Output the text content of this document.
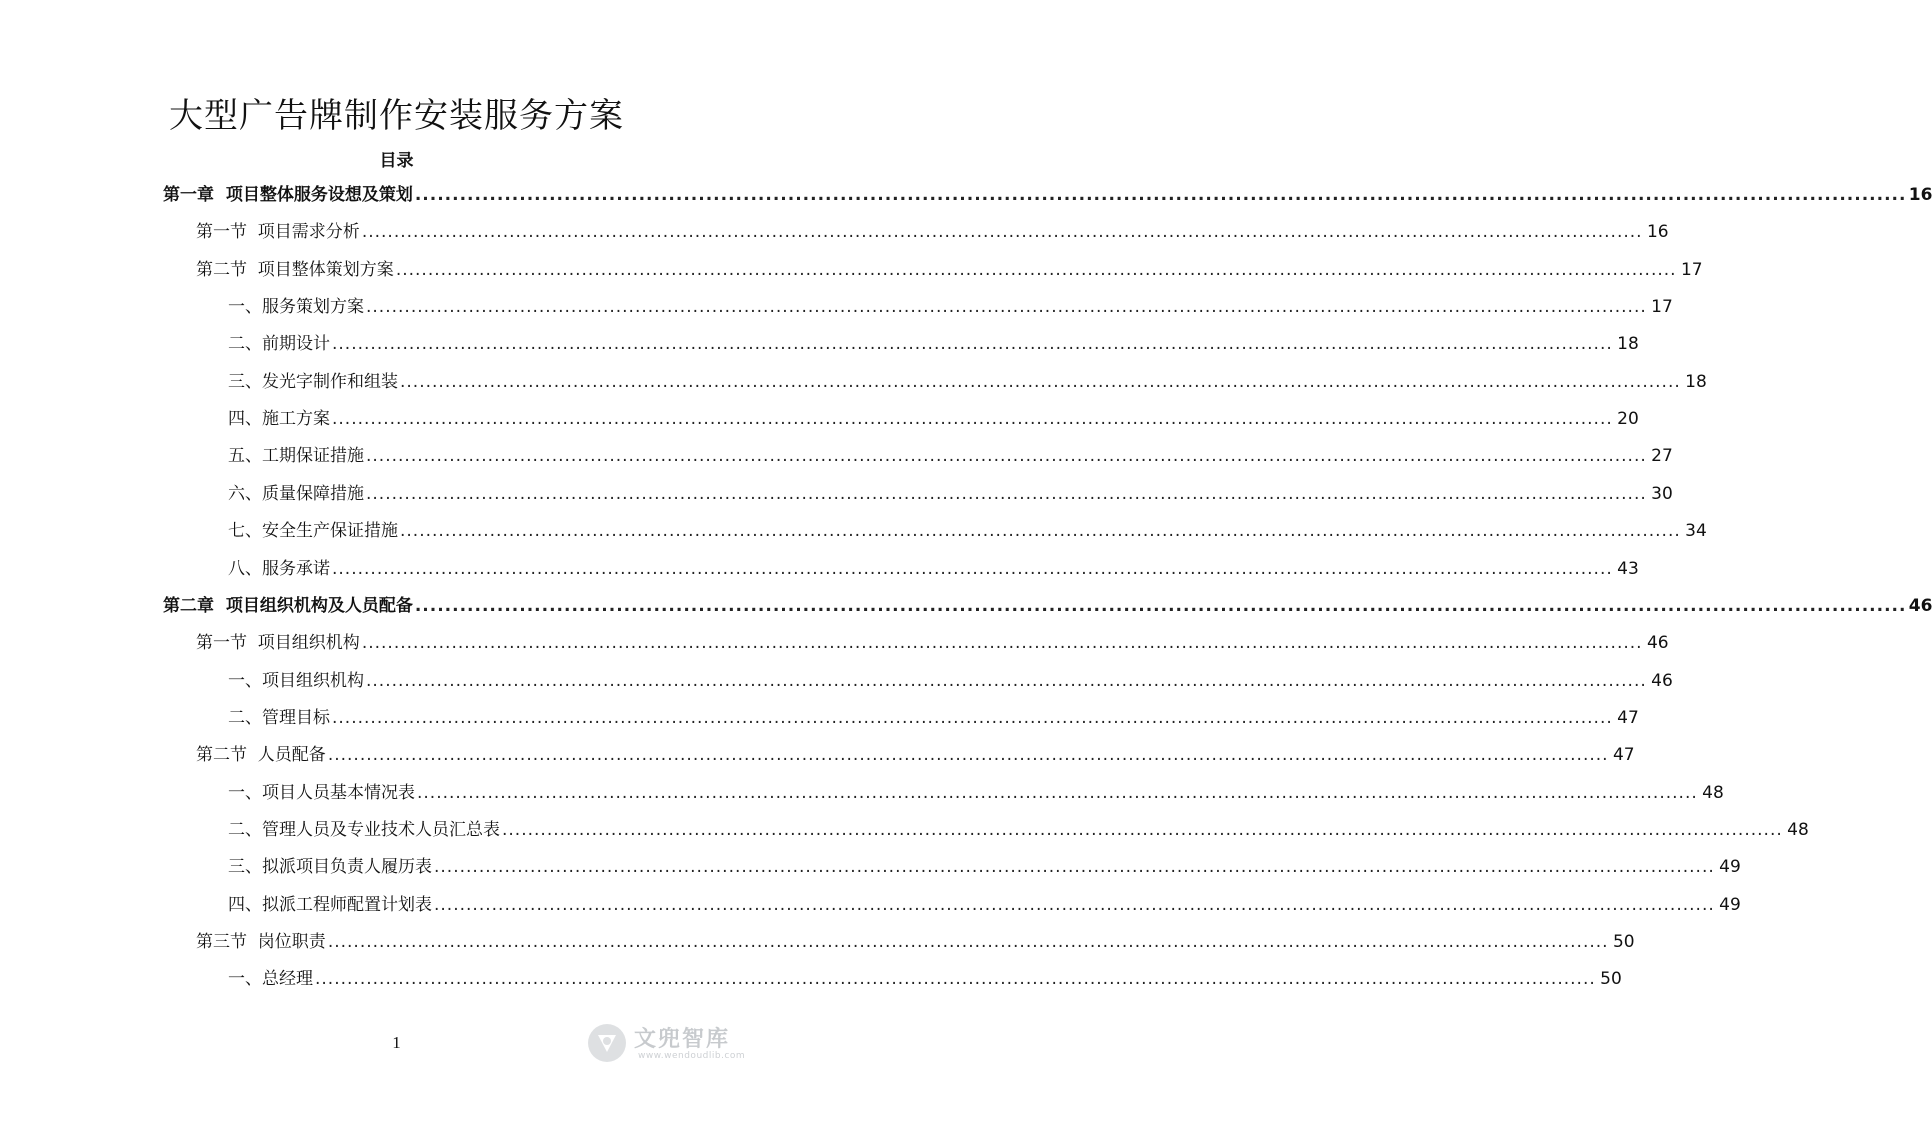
大型广告牌制作安装服务方案
目录
第一章  项目整体服务设想及策划 ........................................................................................................................................................................................................ 16
第一节  项目需求分析 ........................................................................................................................................................................................................ 16
第二节  项目整体策划方案 ........................................................................................................................................................................................................ 17
一、服务策划方案 ........................................................................................................................................................................................................ 17
二、前期设计 ........................................................................................................................................................................................................ 18
三、发光字制作和组装 ........................................................................................................................................................................................................ 18
四、施工方案 ........................................................................................................................................................................................................ 20
五、工期保证措施 ........................................................................................................................................................................................................ 27
六、质量保障措施 ........................................................................................................................................................................................................ 30
七、安全生产保证措施 ........................................................................................................................................................................................................ 34
八、服务承诺 ........................................................................................................................................................................................................ 43
第二章  项目组织机构及人员配备 ........................................................................................................................................................................................................ 46
第一节  项目组织机构 ........................................................................................................................................................................................................ 46
一、项目组织机构 ........................................................................................................................................................................................................ 46
二、管理目标 ........................................................................................................................................................................................................ 47
第二节  人员配备 ........................................................................................................................................................................................................ 47
一、项目人员基本情况表 ........................................................................................................................................................................................................ 48
二、管理人员及专业技术人员汇总表 ........................................................................................................................................................................................................ 48
三、拟派项目负责人履历表 ........................................................................................................................................................................................................ 49
四、拟派工程师配置计划表 ........................................................................................................................................................................................................ 49
第三节  岗位职责 ........................................................................................................................................................................................................ 50
一、总经理 ........................................................................................................................................................................................................ 50
1	文兜智库
www.wendoudlib.com
